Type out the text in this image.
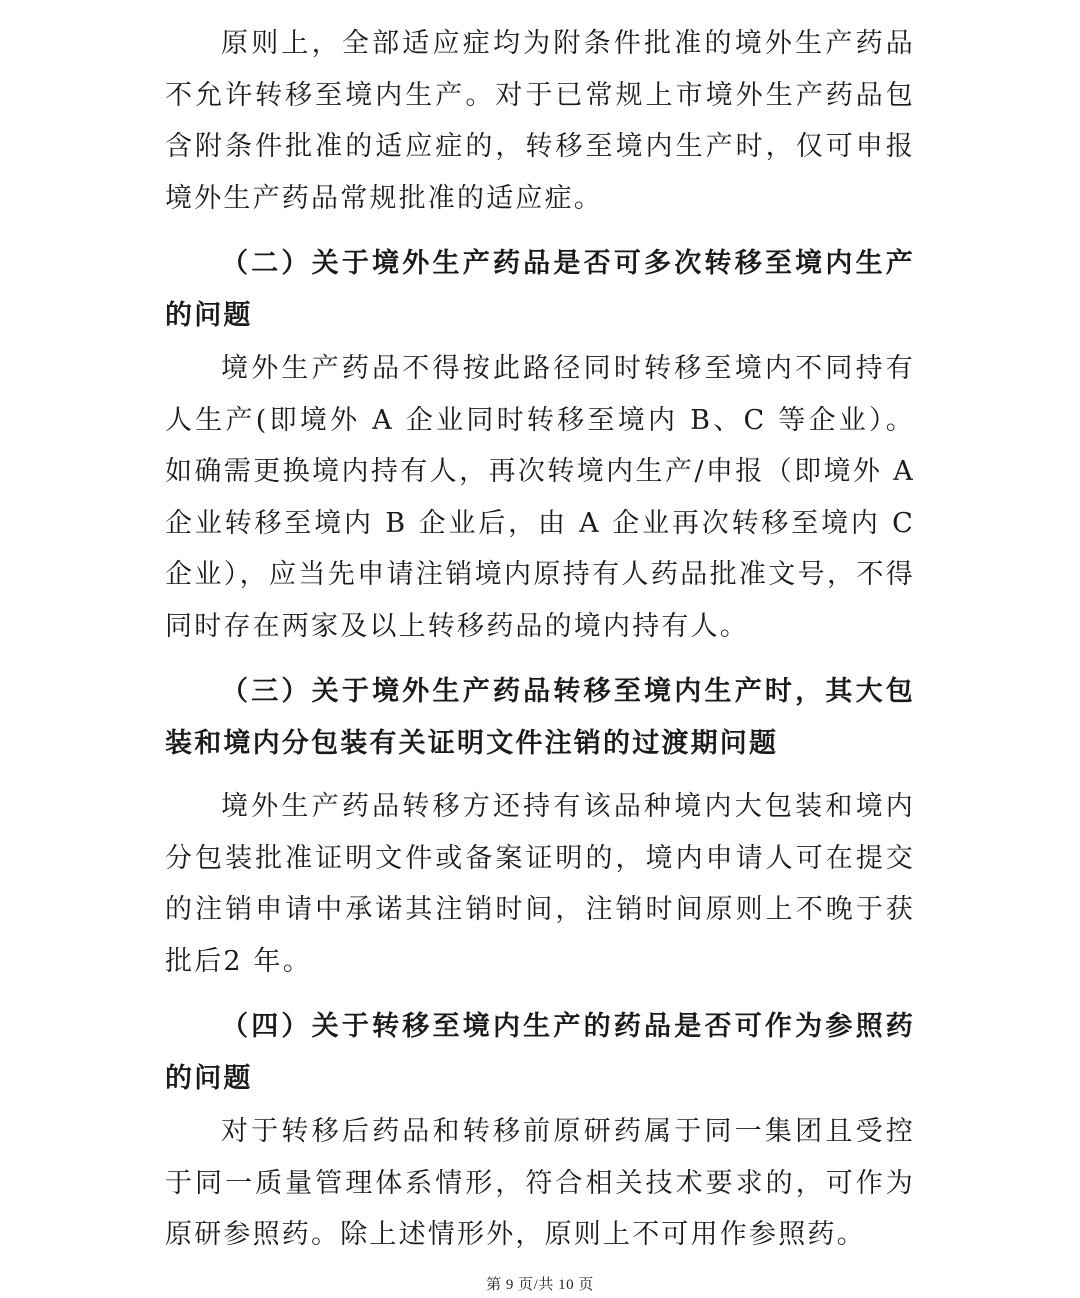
原则上，全部适应症均为附条件批准的境外生产药品不允许转移至境内生产。对于已常规上市境外生产药品包含附条件批准的适应症的，转移至境内生产时，仅可申报境外生产药品常规批准的适应症。

（二）关于境外生产药品是否可多次转移至境内生产的问题

境外生产药品不得按此路径同时转移至境内不同持有人生产(即境外 A 企业同时转移至境内 B、C 等企业）。如确需更换境内持有人，再次转境内生产/申报（即境外 A 企业转移至境内 B 企业后，由 A 企业再次转移至境内 C 企业），应当先申请注销境内原持有人药品批准文号，不得同时存在两家及以上转移药品的境内持有人。

（三）关于境外生产药品转移至境内生产时，其大包装和境内分包装有关证明文件注销的过渡期问题

境外生产药品转移方还持有该品种境内大包装和境内分包装批准证明文件或备案证明的，境内申请人可在提交的注销申请中承诺其注销时间，注销时间原则上不晚于获批后2 年。

（四）关于转移至境内生产的药品是否可作为参照药的问题

对于转移后药品和转移前原研药属于同一集团且受控于同一质量管理体系情形，符合相关技术要求的，可作为原研参照药。除上述情形外，原则上不可用作参照药。

第 9 页/共 10 页
